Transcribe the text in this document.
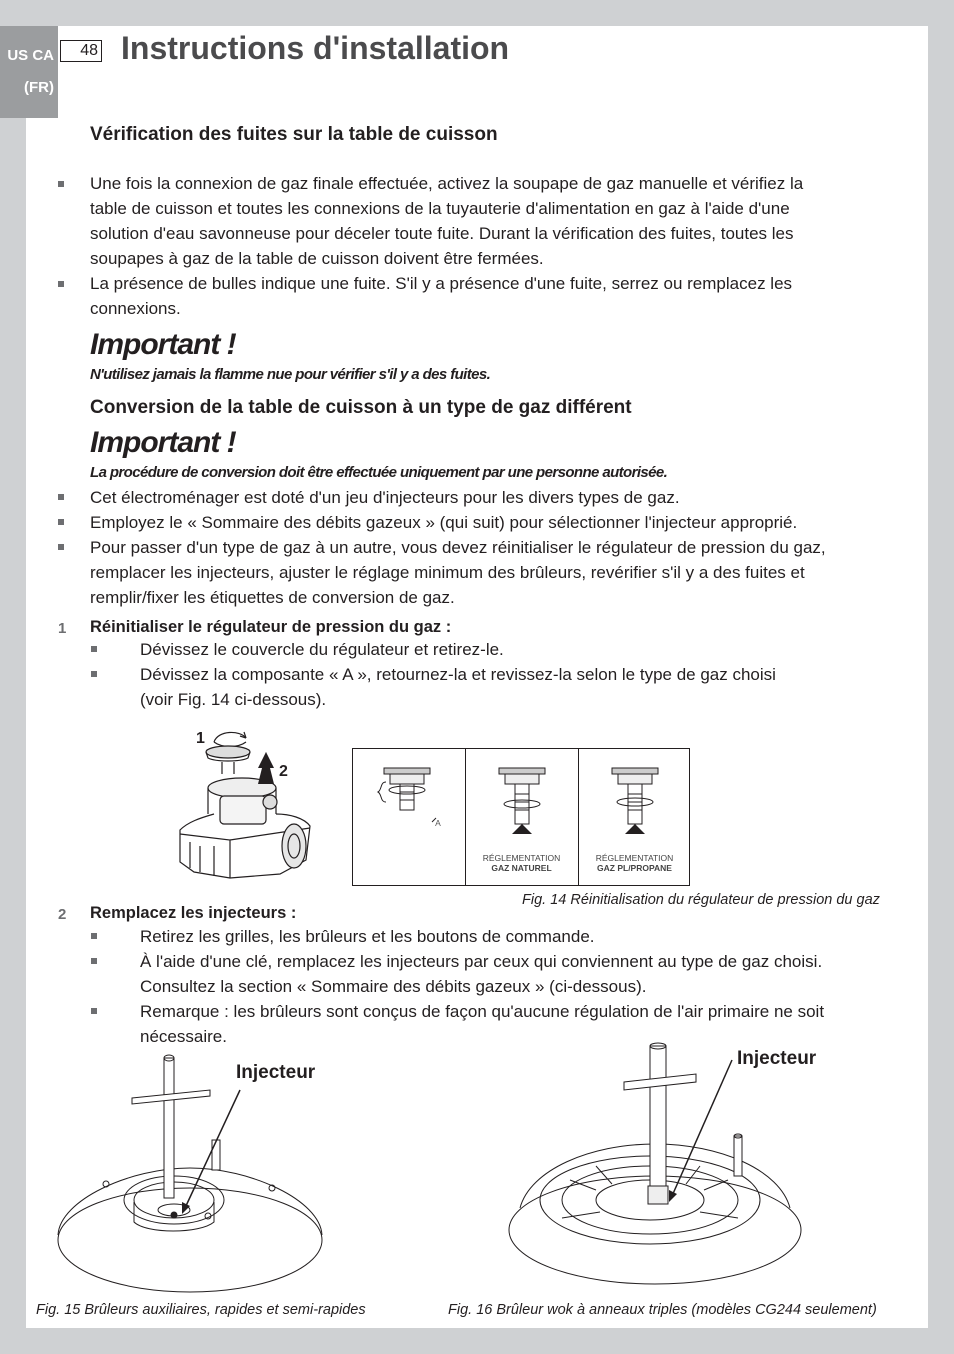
US CA
(FR)
48 Instructions d'installation
Vérification des fuites sur la table de cuisson
Une fois la connexion de gaz finale effectuée, activez la soupape de gaz manuelle et vérifiez la
table de cuisson et toutes les connexions de la tuyauterie d'alimentation en gaz à l'aide d'une
solution d'eau savonneuse pour déceler toute fuite. Durant la vérification des fuites, toutes les
soupapes à gaz de la table de cuisson doivent être fermées.
La présence de bulles indique une fuite. S'il y a présence d'une fuite, serrez ou remplacez les
connexions.
Important !
N'utilisez jamais la flamme nue pour vérifier s'il y a des fuites.
Conversion de la table de cuisson à un type de gaz différent
Important !
La procédure de conversion doit être effectuée uniquement par une personne autorisée.
Cet électroménager est doté d'un jeu d'injecteurs pour les divers types de gaz.
Employez le « Sommaire des débits gazeux » (qui suit) pour sélectionner l'injecteur approprié.
Pour passer d'un type de gaz à un autre, vous devez réinitialiser le régulateur de pression du gaz,
remplacer les injecteurs, ajuster le réglage minimum des brûleurs, revérifier s'il y a des fuites et
remplir/fixer les étiquettes de conversion de gaz.
1 Réinitialiser le régulateur de pression du gaz :
Dévissez le couvercle du régulateur et retirez-le.
Dévissez la composante « A », retournez-la et revissez-la selon le type de gaz choisi
(voir Fig. 14 ci-dessous).
1
2
A
RÉGLEMENTATION
GAZ NATUREL
RÉGLEMENTATION
GAZ PL/PROPANE
Fig. 14 Réinitialisation du régulateur de pression du gaz
2 Remplacez les injecteurs :
Retirez les grilles, les brûleurs et les boutons de commande.
À l'aide d'une clé, remplacez les injecteurs par ceux qui conviennent au type de gaz choisi.
Consultez la section « Sommaire des débits gazeux » (ci-dessous).
Remarque : les brûleurs sont conçus de façon qu'aucune régulation de l'air primaire ne soit
nécessaire.
Injecteur
Fig. 15 Brûleurs auxiliaires, rapides et semi-rapides
Injecteur
Fig. 16 Brûleur wok à anneaux triples (modèles CG244 seulement)
